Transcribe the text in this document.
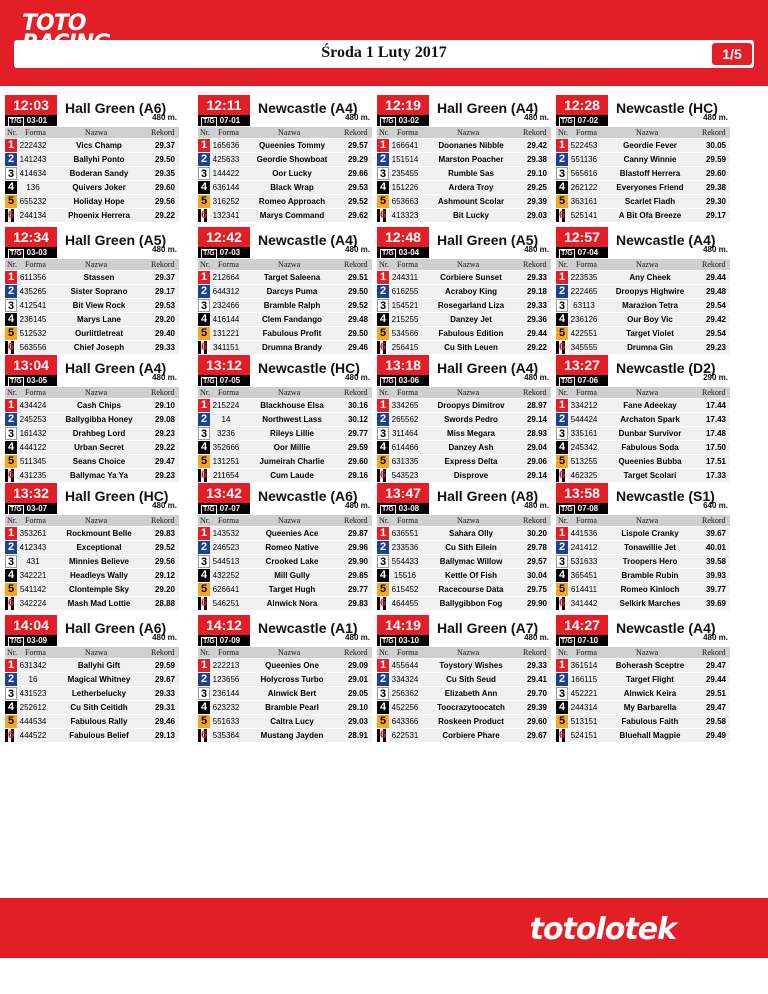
TOTO
RACING
GREYHOUND	Środa 1 Luty 2017	1/5
12:03
T/G 03-01
Hall Green (A6)
480 m.
Nr. Forma	Nazwa	Rekord
1 222432	Vics Champ	29.37
2 141243	Ballyhi Ponto	29.50
3 414634	Boderan Sandy	29.35
4	136	Quivers Joker	29.60
5 655232	Holiday Hope	29.56
6 244134	Phoenix Herrera	29.22
12:11
T/G 07-01
Newcastle (A4)
480 m.
Nr. Forma	Nazwa	Rekord
1 165636	Queenies Tommy	29.57
2 425633	Geordie Showboat	29.29
3 144422	Oor Lucky	29.66
4 636144	Black Wrap	29.53
5 316252	Romeo Approach	29.52
6 132341	Marys Command	29.62
12:19
T/G 03-02
Hall Green (A4)
480 m.
Nr. Forma	Nazwa	Rekord
1 166641	Doonanes Nibble	29.42
2 151514	Marston Poacher	29.38
3 235455	Rumble Sas	29.10
4 151226	Ardera Troy	29.25
5 653663	Ashmount Scolar	29.39
6 413323	Bit Lucky	29.03
12:28
T/G 07-02
Newcastle (HC)
480 m.
Nr. Forma	Nazwa	Rekord
1 522453	Geordie Fever	30.05
2 551136	Canny Winnie	29.59
3 565616	Blastoff Herrera	29.60
4 262122	Everyones Friend	29.38
5 363161	Scarlet Fiadh	29.30
6 525141	A Bit Ofa Breeze	29.17
12:34
T/G 03-03
Hall Green (A5)
480 m.
Nr. Forma	Nazwa	Rekord
1 611356	Stassen	29.37
2 435265	Sister Soprano	29.17
3 412541	Bit View Rock	29.53
4 236145	Marys Lane	29.20
5 512532	Ourlittletreat	29.40
6 563556	Chief Joseph	29.33
12:42
T/G 07-03
Newcastle (A4)
480 m.
Nr. Forma	Nazwa	Rekord
1 212664	Target Saleena	29.51
2 644312	Darcys Puma	29.50
3 232466	Bramble Ralph	29.52
4 416144	Clem Fandango	29.48
5 131221	Fabulous Profit	29.50
6 341151	Drumna Brandy	29.46
12:48
T/G 03-04
Hall Green (A5)
480 m.
Nr. Forma	Nazwa	Rekord
1 244311	Corbiere Sunset	29.33
2 616255	Acraboy King	29.18
3 154521	Rosegarland Liza	29.33
4 215255	Danzey Jet	29.36
5 534566	Fabulous Edition	29.44
6 256415	Cu Sith Leuen	29.22
12:57
T/G 07-04
Newcastle (A4)
480 m.
Nr. Forma	Nazwa	Rekord
1 223535	Any Cheek	29.44
2 222465	Droopys Highwire	29.48
3	63113	Marazion Tetra	29.54
4 236126	Our Boy Vic	29.42
5 422551	Target Violet	29.54
6 345555	Drumna Gin	29.23
13:04
T/G 03-05
Hall Green (A4)
480 m.
Nr. Forma	Nazwa	Rekord
1 434424	Cash Chips	29.10
2 245253	Ballygibba Honey	29.08
3 161432	Drahbeg Lord	29.23
4 444122	Urban Secret	29.22
5 511345	Seans Choice	29.47
6 431235	Ballymac Ya Ya	29.23
13:12
T/G 07-05
Newcastle (HC)
480 m.
Nr. Forma	Nazwa	Rekord
1 215224	Blackhouse Elsa	30.16
2	14	Northwest Lass	30.12
3	3236	Rileys Lillie	29.77
4 352666	Oor Millie	29.59
5 131251	Jumeirah Charlie	29.60
6 211654	Cum Laude	29.16
13:18
T/G 03-06
Hall Green (A4)
480 m.
Nr. Forma	Nazwa	Rekord
1 334265	Droopys Dimitrov	28.97
2 265562	Swords Pedro	29.14
3 311464	Miss Megara	28.93
4 614466	Danzey Ash	29.04
5 631335	Express Delta	29.06
6 543523	Disprove	29.14
13:27
T/G 07-06
Newcastle (D2)
290 m.
Nr. Forma	Nazwa	Rekord
1 334212	Fane Adeekay	17.44
2 544424	Archaton Spark	17.43
3 335161	Dunbar Survivor	17.48
4 245342	Fabulous Soda	17.50
5 513255	Queenies Bubba	17.51
6 462325	Target Scolari	17.33
13:32
T/G 03-07
Hall Green (HC)
480 m.
Nr. Forma	Nazwa	Rekord
1 353261	Rockmount Belle	29.83
2 412343	Exceptional	29.52
3	431	Minnies Believe	29.56
4 342221	Headleys Wally	29.12
5 541142	Clontemple Sky	29.20
6 342224	Mash Mad Lottie	28.88
13:42
T/G 07-07
Newcastle (A6)
480 m.
Nr. Forma	Nazwa	Rekord
1 143532	Queenies Ace	29.87
2 246523	Romeo Native	29.96
3 544513	Crooked Lake	29.90
4 432252	Mill Gully	29.85
5 626641	Target Hugh	29.77
6 546251	Alnwick Nora	29.83
13:47
T/G 03-08
Hall Green (A8)
480 m.
Nr. Forma	Nazwa	Rekord
1 636551	Sahara Olly	30.20
2 233536	Cu Sith Eilein	29.78
3 554433	Ballymac Willow	29.57
4 15516	Kettle Of Fish	30.04
5 615452	Racecourse Data	29.75
6 464455	Ballygibbon Fog	29.90
13:58
T/G 07-08
Newcastle (S1)
640 m.
Nr. Forma	Nazwa	Rekord
1 441536	Lispole Cranky	39.67
2 241412	Tonawillie Jet	40.01
3 531633	Troopers Hero	39.58
4 365451	Bramble Rubin	39.93
5 614411	Romeo Kinloch	39.77
6 341442	Selkirk Marches	39.69
14:04
T/G 03-09
Hall Green (A6)
480 m.
Nr. Forma	Nazwa	Rekord
1 631342	Ballyhi Gift	29.59
2	16	Magical Whitney	29.67
3 431523	Letherbelucky	29.33
4 252612	Cu Sith Ceitidh	29.31
5 444534	Fabulous Rally	29.46
6 444522	Fabulous Belief	29.13
14:12
T/G 07-09
Newcastle (A1)
480 m.
Nr. Forma	Nazwa	Rekord
1 222213	Queenies One	29.09
2 123656	Holycross Turbo	29.01
3 236144	Alnwick Bert	29.05
4 623232	Bramble Pearl	29.10
5 551633	Caltra Lucy	29.03
6 535364	Mustang Jayden	28.91
14:19
T/G 03-10
Hall Green (A7)
480 m.
Nr. Forma	Nazwa	Rekord
1 455644	Toystory Wishes	29.33
2 334324	Cu Sith Seud	29.41
3 256362	Elizabeth Ann	29.70
4 452256	Toocrazytoocatch	29.39
5 643366	Roskeen Product	29.60
6 622531	Corbiere Phare	29.67
14:27
T/G 07-10
Newcastle (A4)
480 m.
Nr. Forma	Nazwa	Rekord
1 361514	Boherash Sceptre	29.47
2 166115	Target Flight	29.44
3 452221	Alnwick Keira	29.51
4 244314	My Barbarella	29.47
5 513151	Fabulous Faith	29.58
6 524151	Bluehall Magpie	29.49
totolotek
